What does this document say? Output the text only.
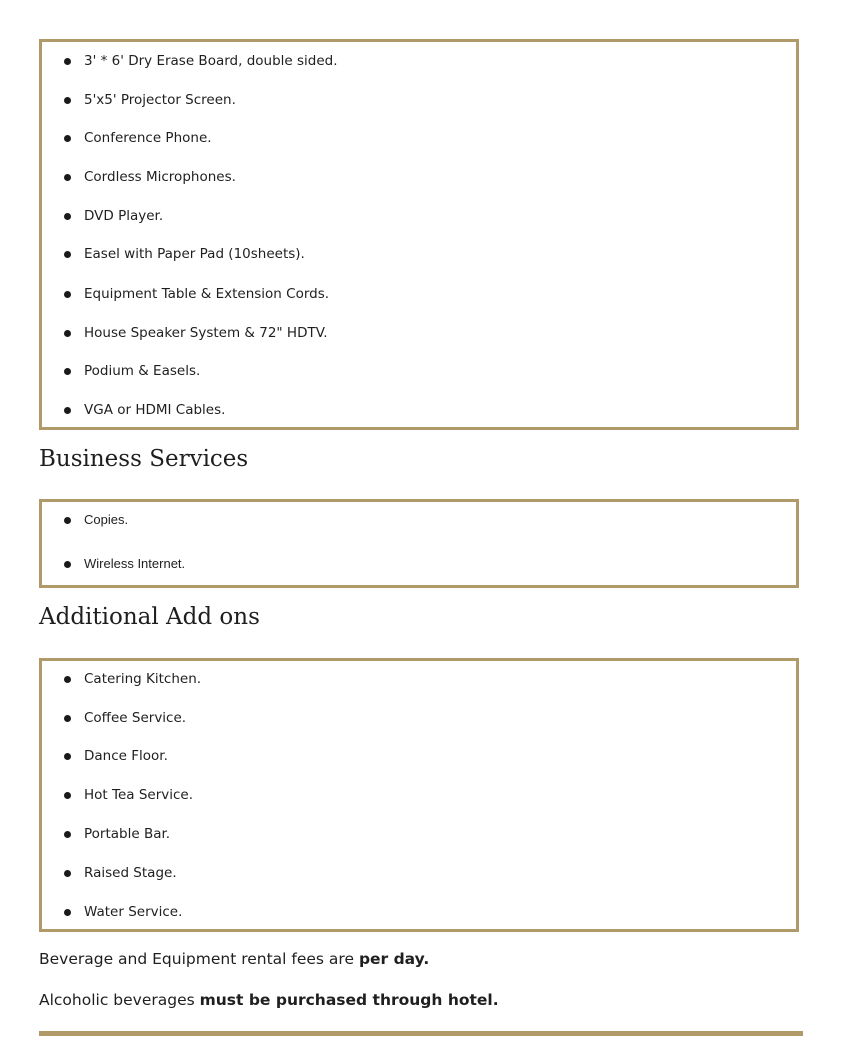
3' * 6' Dry Erase Board, double sided.
5'x5' Projector Screen.
Conference Phone.
Cordless Microphones.
DVD Player.
Easel with Paper Pad (10sheets).
Equipment Table & Extension Cords.
House Speaker System & 72" HDTV.
Podium & Easels.
VGA or HDMI Cables.
Business Services
Copies.
Wireless Internet.
Additional Add ons
Catering Kitchen.
Coffee Service.
Dance Floor.
Hot Tea Service.
Portable Bar.
Raised Stage.
Water Service.

Beverage and Equipment rental fees are per day.

Alcoholic beverages must be purchased through hotel.
